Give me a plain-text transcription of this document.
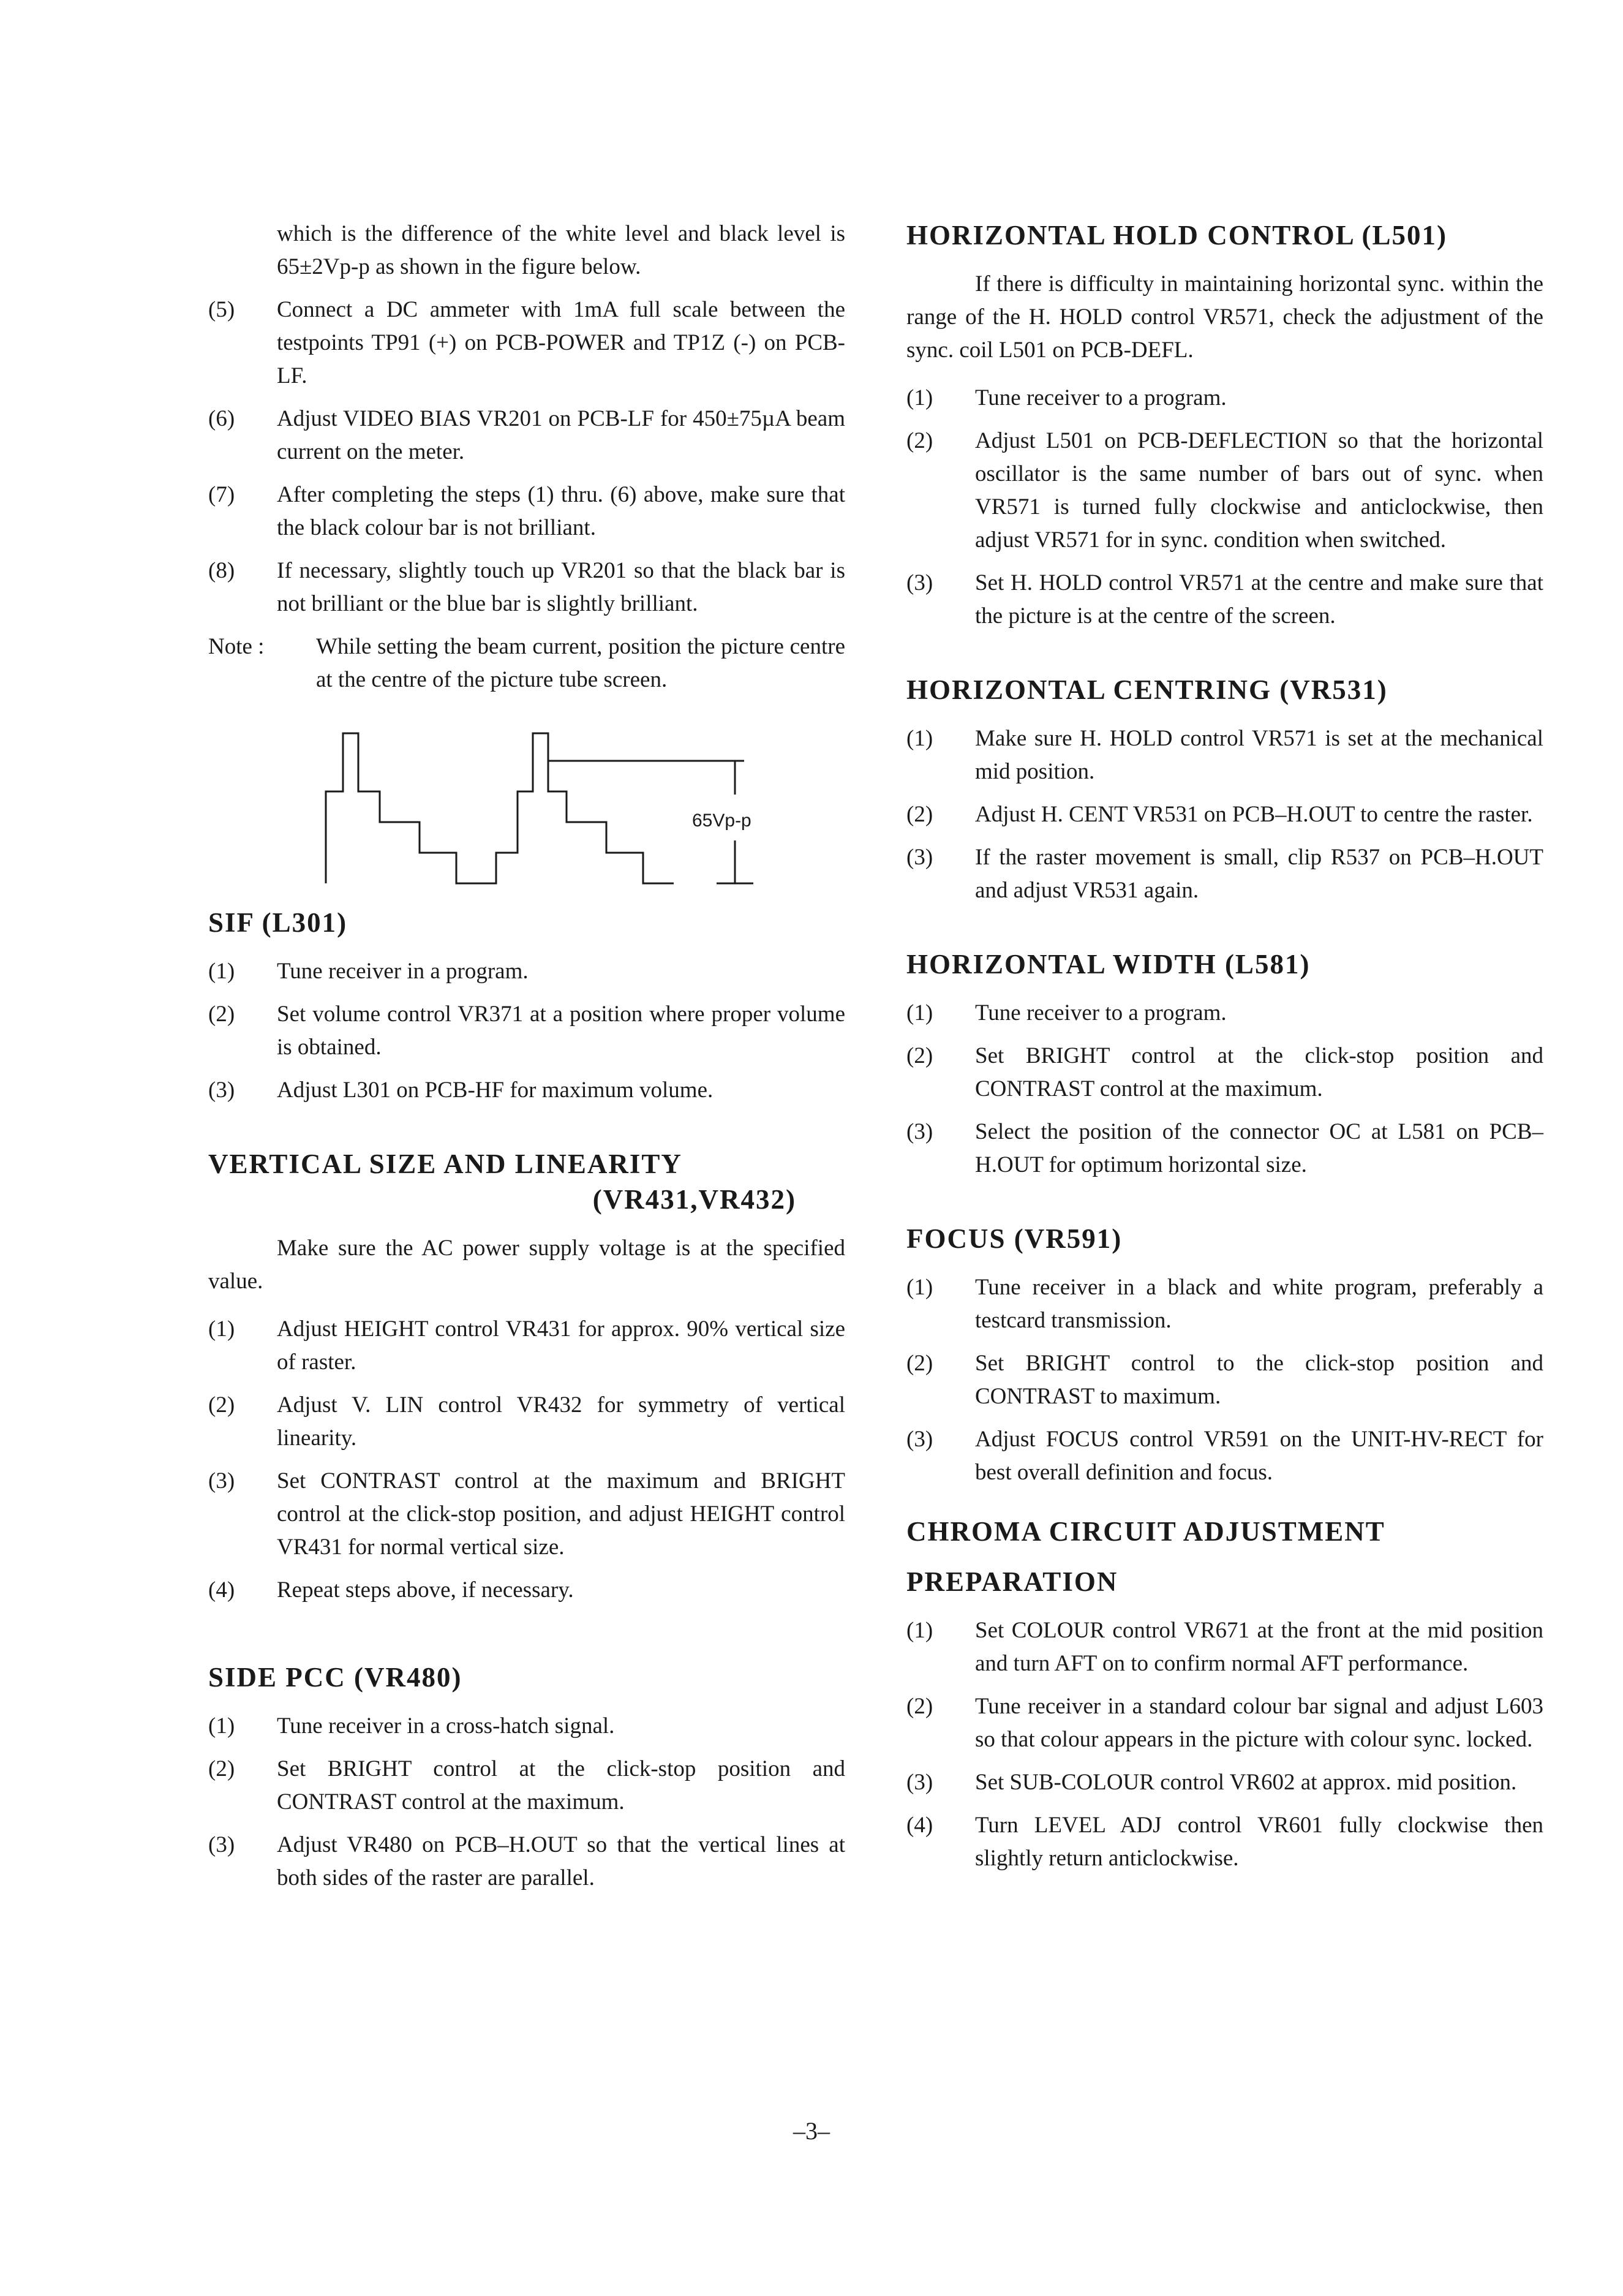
which is the difference of the white level and black level is 65±2Vp-p as shown in the figure below.

(5)	Connect a DC ammeter with 1mA full scale between the testpoints TP91 (+) on PCB-POWER and TP1Z (-) on PCB-LF.
(6)	Adjust VIDEO BIAS VR201 on PCB-LF for 450±75µA beam current on the meter.
(7)	After completing the steps (1) thru. (6) above, make sure that the black colour bar is not brilliant.
(8)	If necessary, slightly touch up VR201 so that the black bar is not brilliant or the blue bar is slightly brilliant.
Note :	While setting the beam current, position the picture centre at the centre of the picture tube screen.
65Vp-p
SIF (L301)
(1)	Tune receiver in a program.
(2)	Set volume control VR371 at a position where proper volume is obtained.
(3)	Adjust L301 on PCB-HF for maximum volume.
VERTICAL SIZE AND LINEARITY
(VR431,VR432)

Make sure the AC power supply voltage is at the specified value.

(1)	Adjust HEIGHT control VR431 for approx. 90% vertical size of raster.
(2)	Adjust V. LIN control VR432 for symmetry of vertical linearity.
(3)	Set CONTRAST control at the maximum and BRIGHT control at the click-stop position, and adjust HEIGHT control VR431 for normal vertical size.
(4)	Repeat steps above, if necessary.
SIDE PCC (VR480)
(1)	Tune receiver in a cross-hatch signal.
(2)	Set BRIGHT control at the click-stop position and CONTRAST control at the maximum.
(3)	Adjust VR480 on PCB–H.OUT so that the vertical lines at both sides of the raster are parallel.
HORIZONTAL HOLD CONTROL (L501)

If there is difficulty in maintaining horizontal sync. within the range of the H. HOLD control VR571, check the adjustment of the sync. coil L501 on PCB-DEFL.

(1)	Tune receiver to a program.
(2)	Adjust L501 on PCB-DEFLECTION so that the horizontal oscillator is the same number of bars out of sync. when VR571 is turned fully clockwise and anticlockwise, then adjust VR571 for in sync. condition when switched.
(3)	Set H. HOLD control VR571 at the centre and make sure that the picture is at the centre of the screen.
HORIZONTAL CENTRING (VR531)
(1)	Make sure H. HOLD control VR571 is set at the mechanical mid position.
(2)	Adjust H. CENT VR531 on PCB–H.OUT to centre the raster.
(3)	If the raster movement is small, clip R537 on PCB–H.OUT and adjust VR531 again.
HORIZONTAL WIDTH (L581)
(1)	Tune receiver to a program.
(2)	Set BRIGHT control at the click-stop position and CONTRAST control at the maximum.
(3)	Select the position of the connector OC at L581 on PCB–H.OUT for optimum horizontal size.
FOCUS (VR591)
(1)	Tune receiver in a black and white program, preferably a testcard transmission.
(2)	Set BRIGHT control to the click-stop position and CONTRAST to maximum.
(3)	Adjust FOCUS control VR591 on the UNIT-HV-RECT for best overall definition and focus.
CHROMA CIRCUIT ADJUSTMENT
PREPARATION
(1)	Set COLOUR control VR671 at the front at the mid position and turn AFT on to confirm normal AFT performance.
(2)	Tune receiver in a standard colour bar signal and adjust L603 so that colour appears in the picture with colour sync. locked.
(3)	Set SUB-COLOUR control VR602 at approx. mid position.
(4)	Turn LEVEL ADJ control VR601 fully clockwise then slightly return anticlockwise.
–3–
